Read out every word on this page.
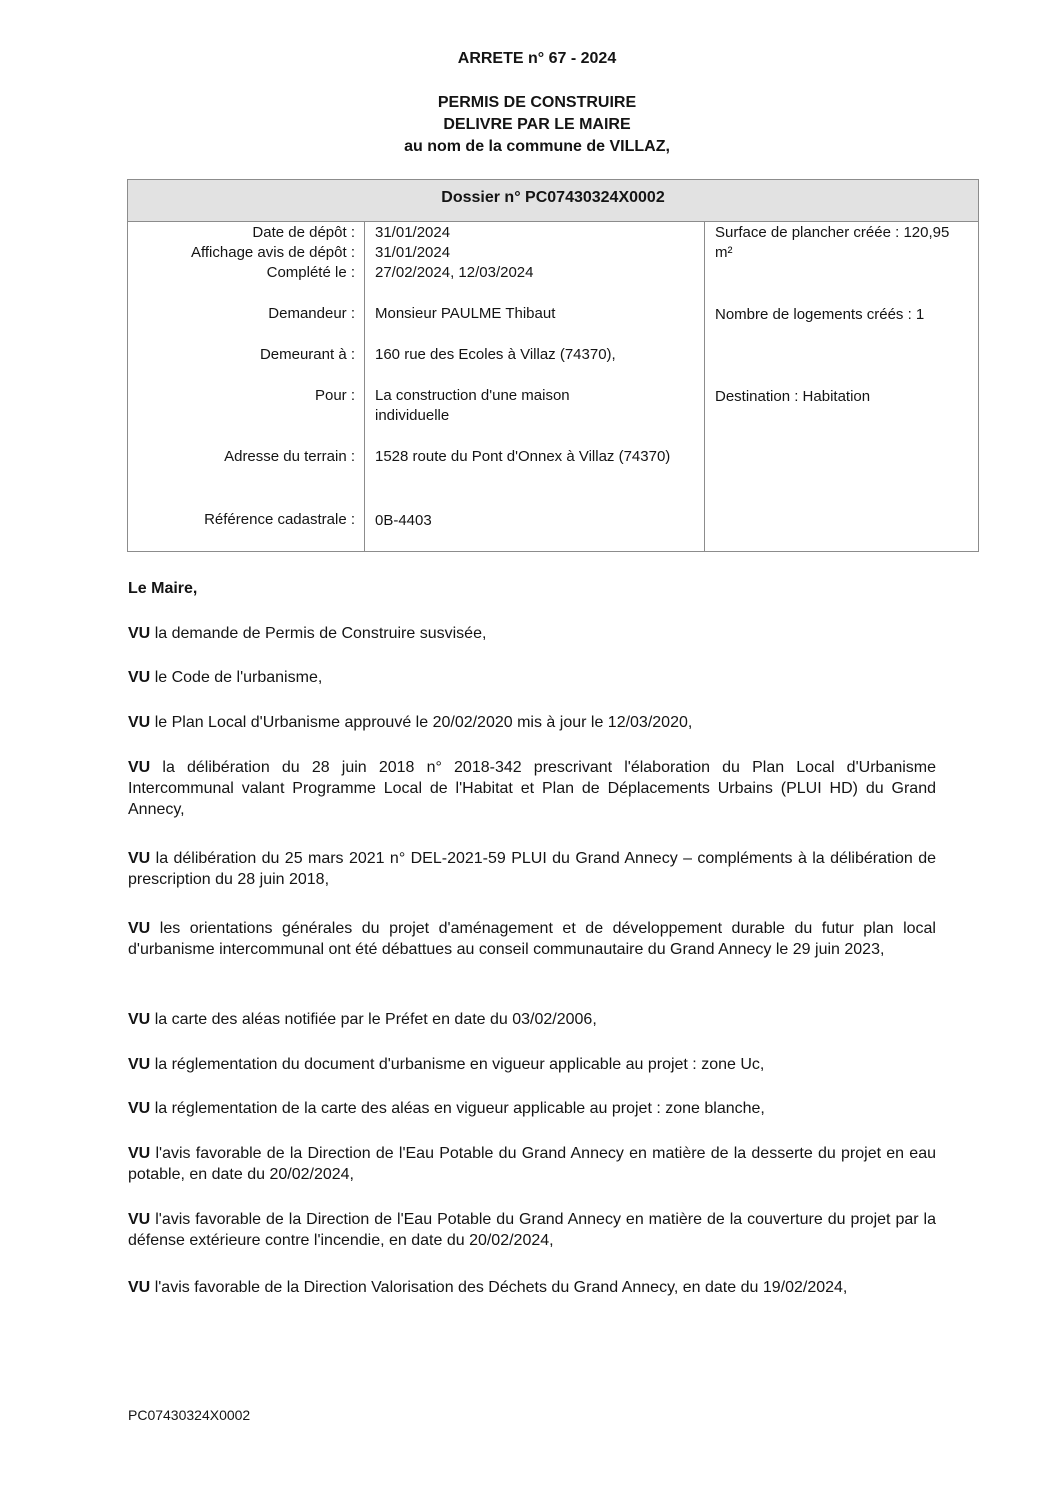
ARRETE n° 67 - 2024

PERMIS DE CONSTRUIRE

DELIVRE PAR LE MAIRE

au nom de la commune de VILLAZ,

Dossier n° PC07430324X0002

Date de dépôt :

Affichage avis de dépôt :

Complété le :

Demandeur :

Demeurant à :

Pour :

Adresse du terrain :

Référence cadastrale :

31/01/2024

31/01/2024

27/02/2024, 12/03/2024

Monsieur PAULME Thibaut

160 rue des Ecoles à Villaz (74370),

La construction d'une maison individuelle

1528 route du Pont d'Onnex à Villaz (74370)

0B-4403

Surface de plancher créée : 120,95 m²

Nombre de logements créés : 1

Destination : Habitation

Le Maire,

VU la demande de Permis de Construire susvisée,

VU le Code de l'urbanisme,

VU le Plan Local d'Urbanisme approuvé le 20/02/2020 mis à jour le 12/03/2020,

VU la délibération du 28 juin 2018 n° 2018-342 prescrivant l'élaboration du Plan Local d'Urbanisme Intercommunal valant Programme Local de l'Habitat et Plan de Déplacements Urbains (PLUI HD) du Grand Annecy,

VU la délibération du 25 mars 2021 n° DEL-2021-59 PLUI du Grand Annecy – compléments à la délibération de prescription du 28 juin 2018,

VU les orientations générales du projet d'aménagement et de développement durable du futur plan local d'urbanisme intercommunal ont été débattues au conseil communautaire du Grand Annecy le 29 juin 2023,

VU la carte des aléas notifiée par le Préfet en date du 03/02/2006,

VU la réglementation du document d'urbanisme en vigueur applicable au projet : zone Uc,

VU la réglementation de la carte des aléas en vigueur applicable au projet : zone blanche,

VU l'avis favorable de la Direction de l'Eau Potable du Grand Annecy en matière de la desserte du projet en eau potable, en date du 20/02/2024,

VU l'avis favorable de la Direction de l'Eau Potable du Grand Annecy en matière de la couverture du projet par la défense extérieure contre l'incendie, en date du 20/02/2024,

VU l'avis favorable de la Direction Valorisation des Déchets du Grand Annecy, en date du 19/02/2024,

PC07430324X0002
